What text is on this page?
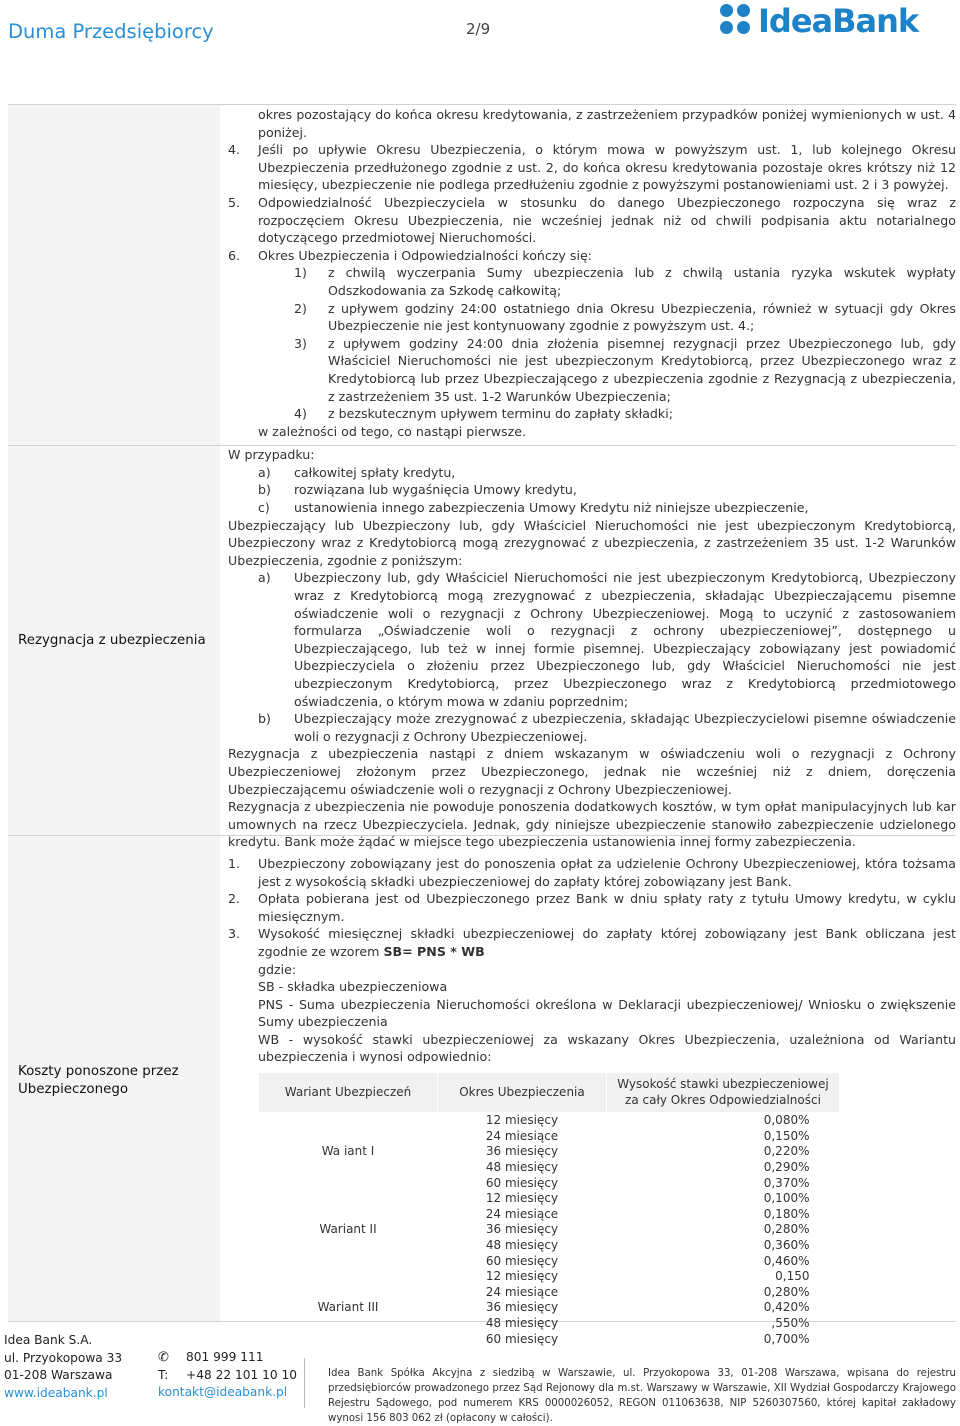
Duma Przedsiębiorcy	2/9	IdeaBank
Rezygnacja z ubezpieczenia
Koszty ponoszone przez Ubezpieczonego

okres pozostający do końca okresu kredytowania, z zastrzeżeniem przypadków poniżej wymienionych w ust. 4 poniżej.

4.	Jeśli po upływie Okresu Ubezpieczenia, o którym mowa w powyższym ust. 1, lub kolejnego Okresu Ubezpieczenia przedłużonego zgodnie z ust. 2, do końca okresu kredytowania pozostaje okres krótszy niż 12 miesięcy, ubezpieczenie nie podlega przedłużeniu zgodnie z powyższymi postanowieniami ust. 2 i 3 powyżej.
5.	Odpowiedzialność Ubezpieczyciela w stosunku do danego Ubezpieczonego rozpoczyna się wraz z rozpoczęciem Okresu Ubezpieczenia, nie wcześniej jednak niż od chwili podpisania aktu notarialnego dotyczącego przedmiotowej Nieruchomości.
6.	Okres Ubezpieczenia i Odpowiedzialności kończy się:
1)	z chwilą wyczerpania Sumy ubezpieczenia lub z chwilą ustania ryzyka wskutek wypłaty Odszkodowania za Szkodę całkowitą;
2)	z upływem godziny 24:00 ostatniego dnia Okresu Ubezpieczenia, również w sytuacji gdy Okres Ubezpieczenie nie jest kontynuowany zgodnie z powyższym ust. 4.;
3)	z upływem godziny 24:00 dnia złożenia pisemnej rezygnacji przez Ubezpieczonego lub, gdy Właściciel Nieruchomości nie jest ubezpieczonym Kredytobiorcą, przez Ubezpieczonego wraz z Kredytobiorcą lub przez Ubezpieczającego z ubezpieczenia zgodnie z Rezygnacją z ubezpieczenia, z zastrzeżeniem 35 ust. 1-2 Warunków Ubezpieczenia;
4)	z bezskutecznym upływem terminu do zapłaty składki;

w zależności od tego, co nastąpi pierwsze.

W przypadku:

a)	całkowitej spłaty kredytu,
b)	rozwiązana lub wygaśnięcia Umowy kredytu,
c)	ustanowienia innego zabezpieczenia Umowy Kredytu niż niniejsze ubezpieczenie,

Ubezpieczający lub Ubezpieczony lub, gdy Właściciel Nieruchomości nie jest ubezpieczonym Kredytobiorcą, Ubezpieczony wraz z Kredytobiorcą mogą zrezygnować z ubezpieczenia, z zastrzeżeniem 35 ust. 1-2 Warunków Ubezpieczenia, zgodnie z poniższym:

a)	Ubezpieczony lub, gdy Właściciel Nieruchomości nie jest ubezpieczonym Kredytobiorcą, Ubezpieczony wraz z Kredytobiorcą mogą zrezygnować z ubezpieczenia, składając Ubezpieczającemu pisemne oświadczenie woli o rezygnacji z Ochrony Ubezpieczeniowej. Mogą to uczynić z zastosowaniem formularza „Oświadczenie woli o rezygnacji z ochrony ubezpieczeniowej”, dostępnego u Ubezpieczającego, lub też w innej formie pisemnej. Ubezpieczający zobowiązany jest powiadomić Ubezpieczyciela o złożeniu przez Ubezpieczonego lub, gdy Właściciel Nieruchomości nie jest ubezpieczonym Kredytobiorcą, przez Ubezpieczonego wraz z Kredytobiorcą przedmiotowego oświadczenia, o którym mowa w zdaniu poprzednim;
b)	Ubezpieczający może zrezygnować z ubezpieczenia, składając Ubezpieczycielowi pisemne oświadczenie woli o rezygnacji z Ochrony Ubezpieczeniowej.

Rezygnacja z ubezpieczenia nastąpi z dniem wskazanym w oświadczeniu woli o rezygnacji z Ochrony Ubezpieczeniowej złożonym przez Ubezpieczonego, jednak nie wcześniej niż z dniem, doręczenia Ubezpieczającemu oświadczenie woli o rezygnacji z Ochrony Ubezpieczeniowej.

Rezygnacja z ubezpieczenia nie powoduje ponoszenia dodatkowych kosztów, w tym opłat manipulacyjnych lub kar umownych na rzecz Ubezpieczyciela. Jednak, gdy niniejsze ubezpieczenie stanowiło zabezpieczenie udzielonego kredytu. Bank może żądać w miejsce tego ubezpieczenia ustanowienia innej formy zabezpieczenia.

1.	Ubezpieczony zobowiązany jest do ponoszenia opłat za udzielenie Ochrony Ubezpieczeniowej, która tożsama jest z wysokością składki ubezpieczeniowej do zapłaty której zobowiązany jest Bank.
2.	Opłata pobierana jest od Ubezpieczonego przez Bank w dniu spłaty raty z tytułu Umowy kredytu, w cyklu miesięcznym.
3.	Wysokość miesięcznej składki ubezpieczeniowej do zapłaty której zobowiązany jest Bank obliczana jest zgodnie ze wzorem SB= PNS * WB

gdzie:

SB - składka ubezpieczeniowa

PNS - Suma ubezpieczenia Nieruchomości określona w Deklaracji ubezpieczeniowej/ Wniosku o zwiększenie Sumy ubezpieczenia

WB - wysokość stawki ubezpieczeniowej za wskazany Okres Ubezpieczenia, uzależniona od Wariantu ubezpieczenia i wynosi odpowiednio:

Wariant Ubezpieczeń	Okres Ubezpieczenia	Wysokość stawki ubezpieczeniowej za cały Okres Odpowiedzialności
Wa iant I	12 miesięcy	0,080%
	24 miesiące	0,150%
	36 miesięcy	0,220%
	48 miesięcy	0,290%
	60 miesięcy	0,370%
Wariant II	12 miesięcy	0,100%
	24 miesiące	0,180%
	36 miesięcy	0,280%
	48 miesięcy	0,360%
	60 miesięcy	0,460%
Wariant III	12 miesięcy	0,150
	24 miesiące	0,280%
	36 miesięcy	0,420%
	48 miesięcy	,550%
	60 miesięcy	0,700%
Idea Bank S.A.
ul. Przyokopowa 33
01-208 Warszawa
www.ideabank.pl
✆ 801 999 111
T: +48 22 101 10 10
kontakt@ideabank.pl
Idea Bank Spółka Akcyjna z siedzibą w Warszawie, ul. Przyokopowa 33, 01-208 Warszawa, wpisana do rejestru przedsiębiorców prowadzonego przez Sąd Rejonowy dla m.st. Warszawy w Warszawie, XII Wydział Gospodarczy Krajowego Rejestru Sądowego, pod numerem KRS 0000026052, REGON 011063638, NIP 5260307560, której kapitał zakładowy wynosi 156 803 062 zł (opłacony w całości).
